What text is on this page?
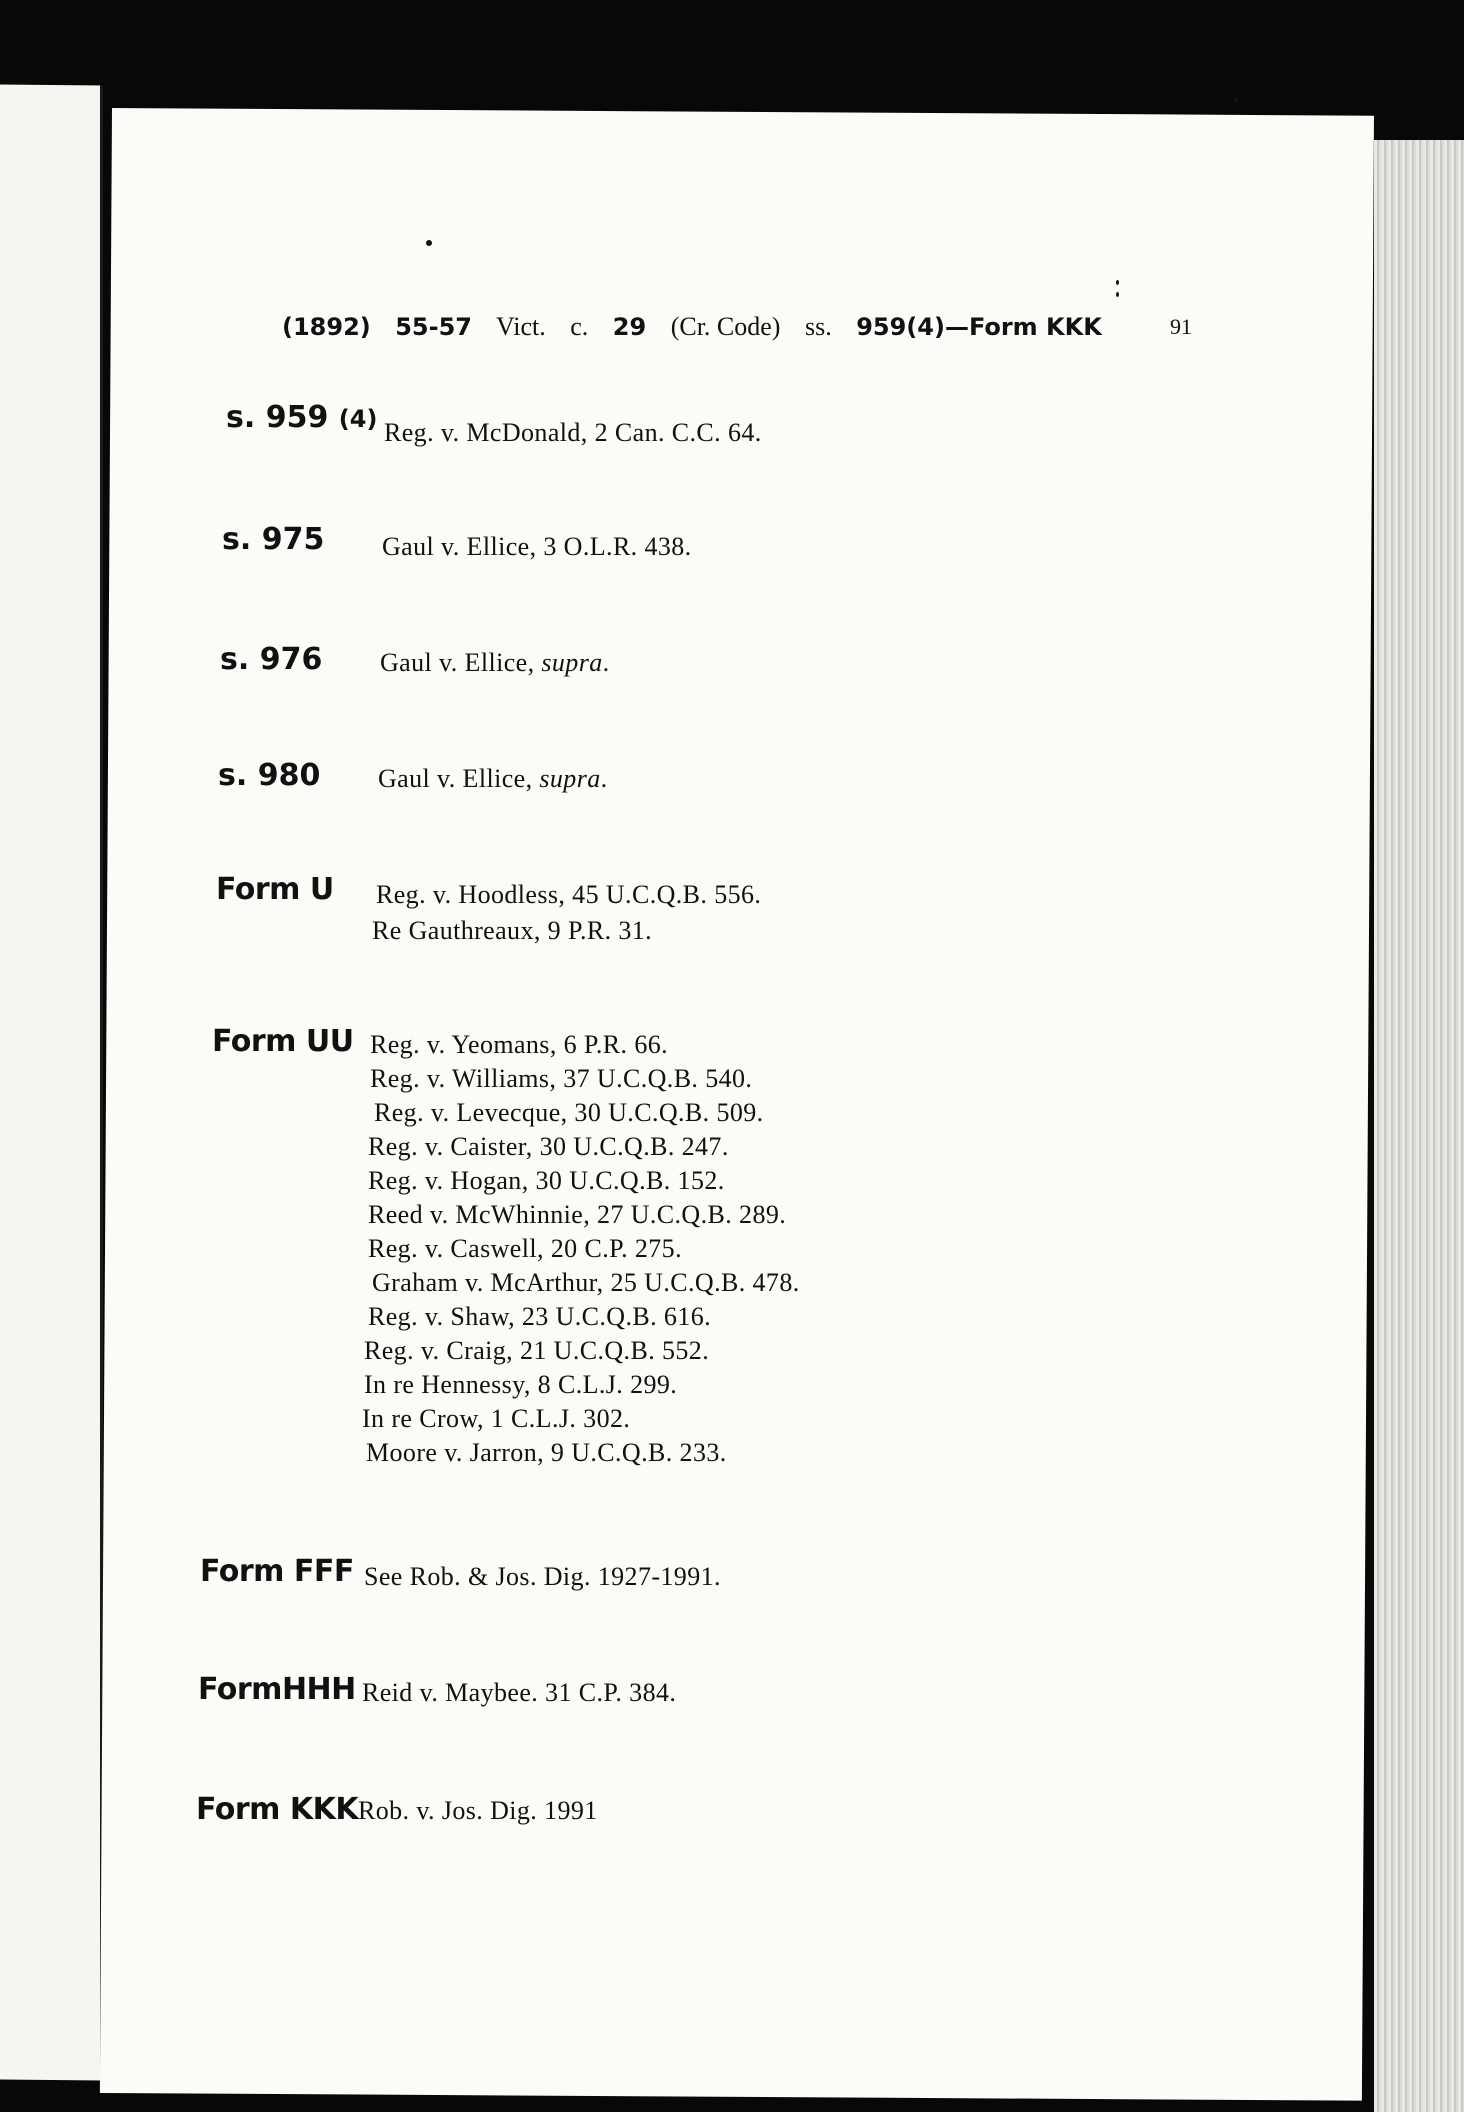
(1892) 55-57 Vict. c. 29 (Cr. Code) ss. 959(4)—Form KKK	91
s. 959 (4) Reg. v. McDonald, 2 Can. C.C. 64.
s. 975 Gaul v. Ellice, 3 O.L.R. 438.
s. 976 Gaul v. Ellice, supra.
s. 980 Gaul v. Ellice, supra.
Form U Reg. v. Hoodless, 45 U.C.Q.B. 556.
Re Gauthreaux, 9 P.R. 31.
Form UU Reg. v. Yeomans, 6 P.R. 66.
Reg. v. Williams, 37 U.C.Q.B. 540.
Reg. v. Levecque, 30 U.C.Q.B. 509.
Reg. v. Caister, 30 U.C.Q.B. 247.
Reg. v. Hogan, 30 U.C.Q.B. 152.
Reed v. McWhinnie, 27 U.C.Q.B. 289.
Reg. v. Caswell, 20 C.P. 275.
Graham v. McArthur, 25 U.C.Q.B. 478.
Reg. v. Shaw, 23 U.C.Q.B. 616.
Reg. v. Craig, 21 U.C.Q.B. 552.
In re Hennessy, 8 C.L.J. 299.
In re Crow, 1 C.L.J. 302.
Moore v. Jarron, 9 U.C.Q.B. 233.
Form FFF See Rob. & Jos. Dig. 1927-1991.
FormHHH Reid v. Maybee. 31 C.P. 384.
Form KKK Rob. v. Jos. Dig. 1991
